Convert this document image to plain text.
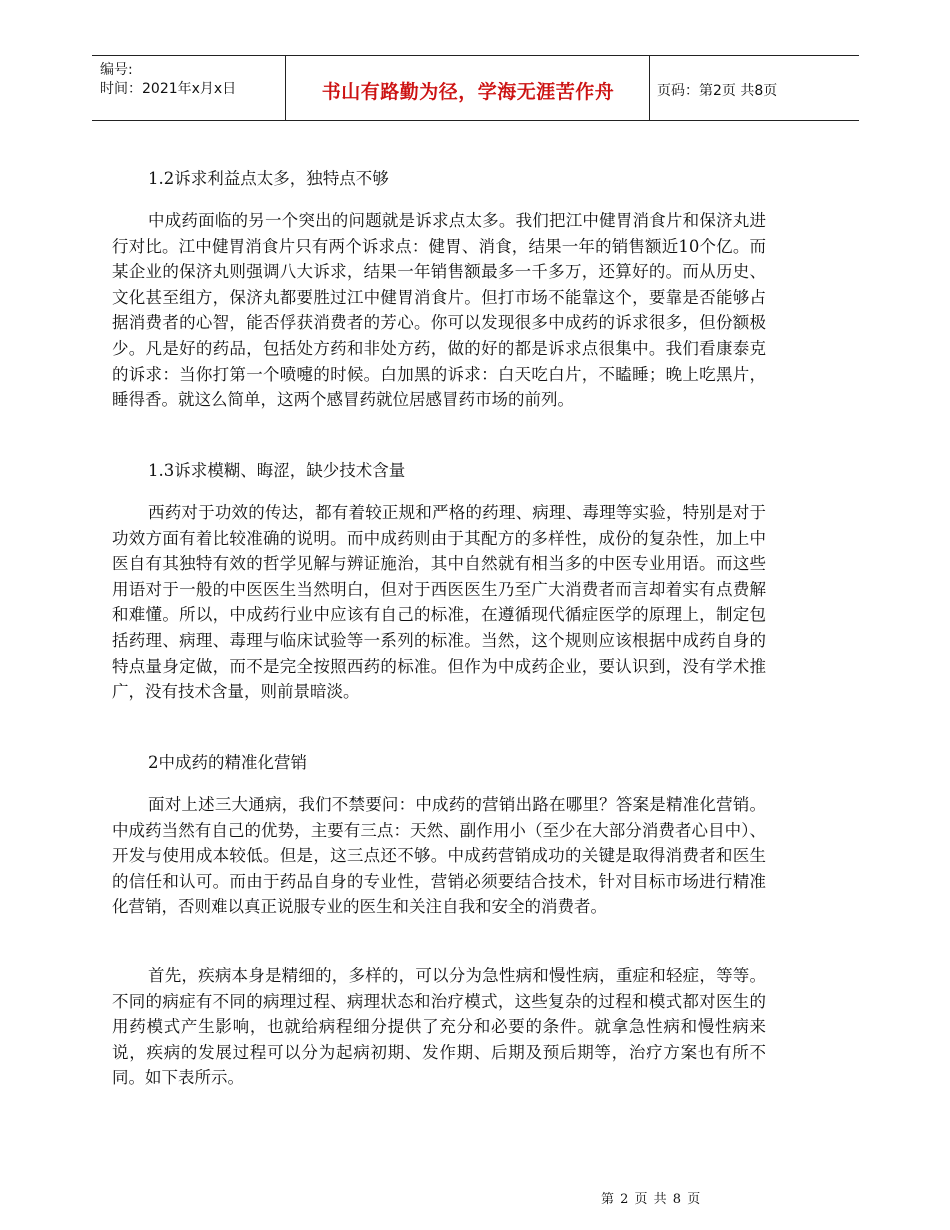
编号:
时间：2021年x月x日	书山有路勤为径，学海无涯苦作舟	页码：第2页 共8页
1.2诉求利益点太多，独特点不够
中成药面临的另一个突出的问题就是诉求点太多。我们把江中健胃消食片和保济丸进行对比。江中健胃消食片只有两个诉求点：健胃、消食，结果一年的销售额近10个亿。而某企业的保济丸则强调八大诉求，结果一年销售额最多一千多万，还算好的。而从历史、文化甚至组方，保济丸都要胜过江中健胃消食片。但打市场不能靠这个，要靠是否能够占据消费者的心智，能否俘获消费者的芳心。你可以发现很多中成药的诉求很多，但份额极少。凡是好的药品，包括处方药和非处方药，做的好的都是诉求点很集中。我们看康泰克的诉求：当你打第一个喷嚏的时候。白加黑的诉求：白天吃白片，不瞌睡；晚上吃黑片，睡得香。就这么简单，这两个感冒药就位居感冒药市场的前列。
1.3诉求模糊、晦涩，缺少技术含量
西药对于功效的传达，都有着较正规和严格的药理、病理、毒理等实验，特别是对于功效方面有着比较准确的说明。而中成药则由于其配方的多样性，成份的复杂性，加上中医自有其独特有效的哲学见解与辨证施治，其中自然就有相当多的中医专业用语。而这些用语对于一般的中医医生当然明白，但对于西医医生乃至广大消费者而言却着实有点费解和难懂。所以，中成药行业中应该有自己的标准，在遵循现代循症医学的原理上，制定包括药理、病理、毒理与临床试验等一系列的标准。当然，这个规则应该根据中成药自身的特点量身定做，而不是完全按照西药的标准。但作为中成药企业，要认识到，没有学术推广，没有技术含量，则前景暗淡。
2中成药的精准化营销
面对上述三大通病，我们不禁要问：中成药的营销出路在哪里？答案是精准化营销。中成药当然有自己的优势，主要有三点：天然、副作用小（至少在大部分消费者心目中）、开发与使用成本较低。但是，这三点还不够。中成药营销成功的关键是取得消费者和医生的信任和认可。而由于药品自身的专业性，营销必须要结合技术，针对目标市场进行精准化营销，否则难以真正说服专业的医生和关注自我和安全的消费者。
首先，疾病本身是精细的，多样的，可以分为急性病和慢性病，重症和轻症，等等。不同的病症有不同的病理过程、病理状态和治疗模式，这些复杂的过程和模式都对医生的用药模式产生影响，也就给病程细分提供了充分和必要的条件。就拿急性病和慢性病来说，疾病的发展过程可以分为起病初期、发作期、后期及预后期等，治疗方案也有所不同。如下表所示。
第 2 页 共 8 页
